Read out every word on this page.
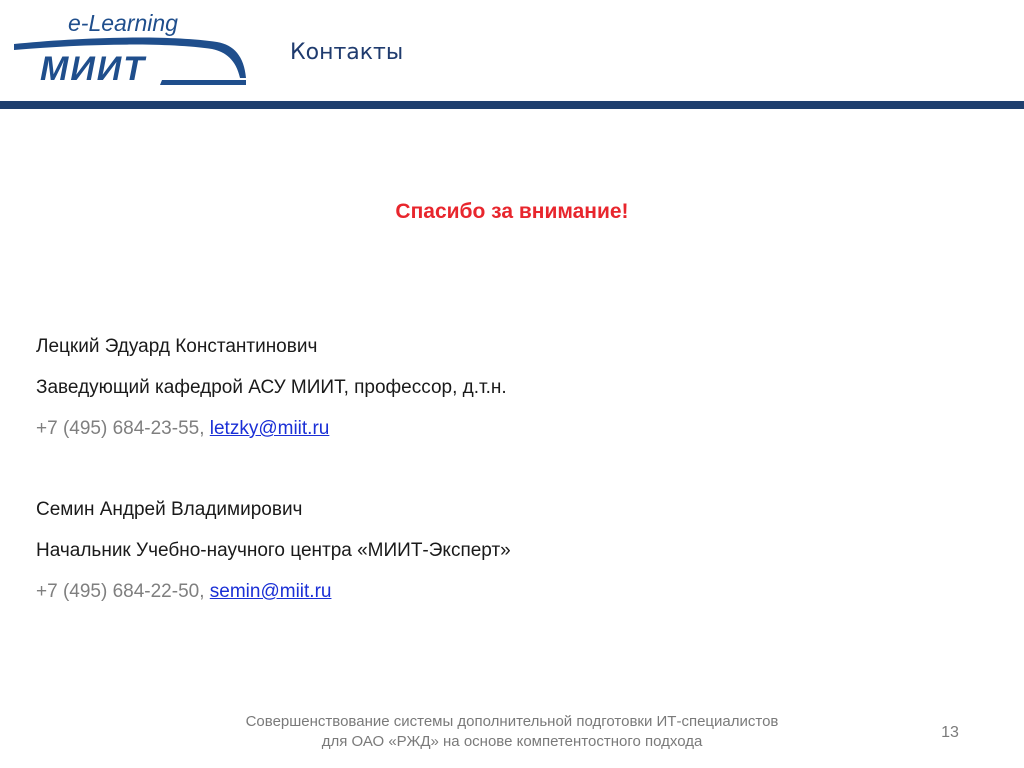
e-Learning
МИИТ	Контакты
Спасибо за внимание!
Лецкий Эдуард Константинович
Заведующий кафедрой АСУ МИИТ, профессор, д.т.н.
+7 (495) 684-23-55, letzky@miit.ru
Семин Андрей Владимирович
Начальник Учебно-научного центра «МИИТ-Эксперт»
+7 (495) 684-22-50, semin@miit.ru
Совершенствование системы дополнительной подготовки ИТ-специалистов
для ОАО «РЖД» на основе компетентостного подхода
13
